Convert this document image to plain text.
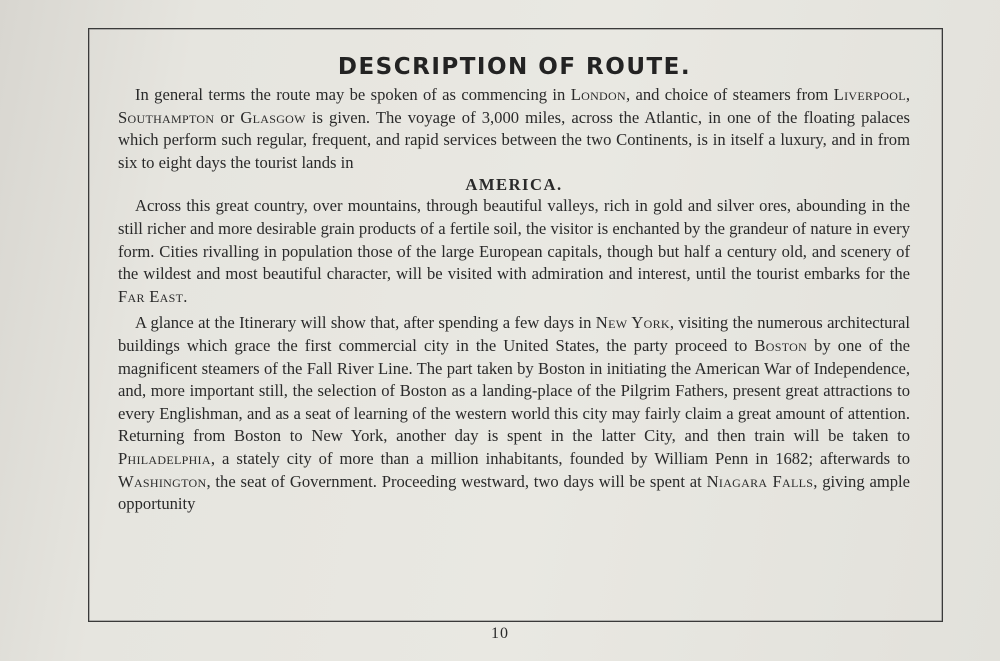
DESCRIPTION OF ROUTE.

In general terms the route may be spoken of as commencing in London, and choice of steamers from Liverpool, Southampton or Glasgow is given. The voyage of 3,000 miles, across the Atlantic, in one of the floating palaces which perform such regular, frequent, and rapid services between the two Continents, is in itself a luxury, and in from six to eight days the tourist lands in

AMERICA.

Across this great country, over mountains, through beautiful valleys, rich in gold and silver ores, abounding in the still richer and more desirable grain products of a fertile soil, the visitor is enchanted by the grandeur of nature in every form. Cities rivalling in population those of the large European capitals, though but half a century old, and scenery of the wildest and most beautiful character, will be visited with admiration and interest, until the tourist embarks for the Far East.

A glance at the Itinerary will show that, after spending a few days in New York, visiting the numerous architectural buildings which grace the first commercial city in the United States, the party proceed to Boston by one of the magnificent steamers of the Fall River Line. The part taken by Boston in initiating the American War of Independence, and, more important still, the selection of Boston as a landing-place of the Pilgrim Fathers, present great attractions to every Englishman, and as a seat of learning of the western world this city may fairly claim a great amount of attention. Returning from Boston to New York, another day is spent in the latter City, and then train will be taken to Philadelphia, a stately city of more than a million inhabitants, founded by William Penn in 1682; afterwards to Washington, the seat of Government. Proceeding westward, two days will be spent at Niagara Falls, giving ample opportunity

10
